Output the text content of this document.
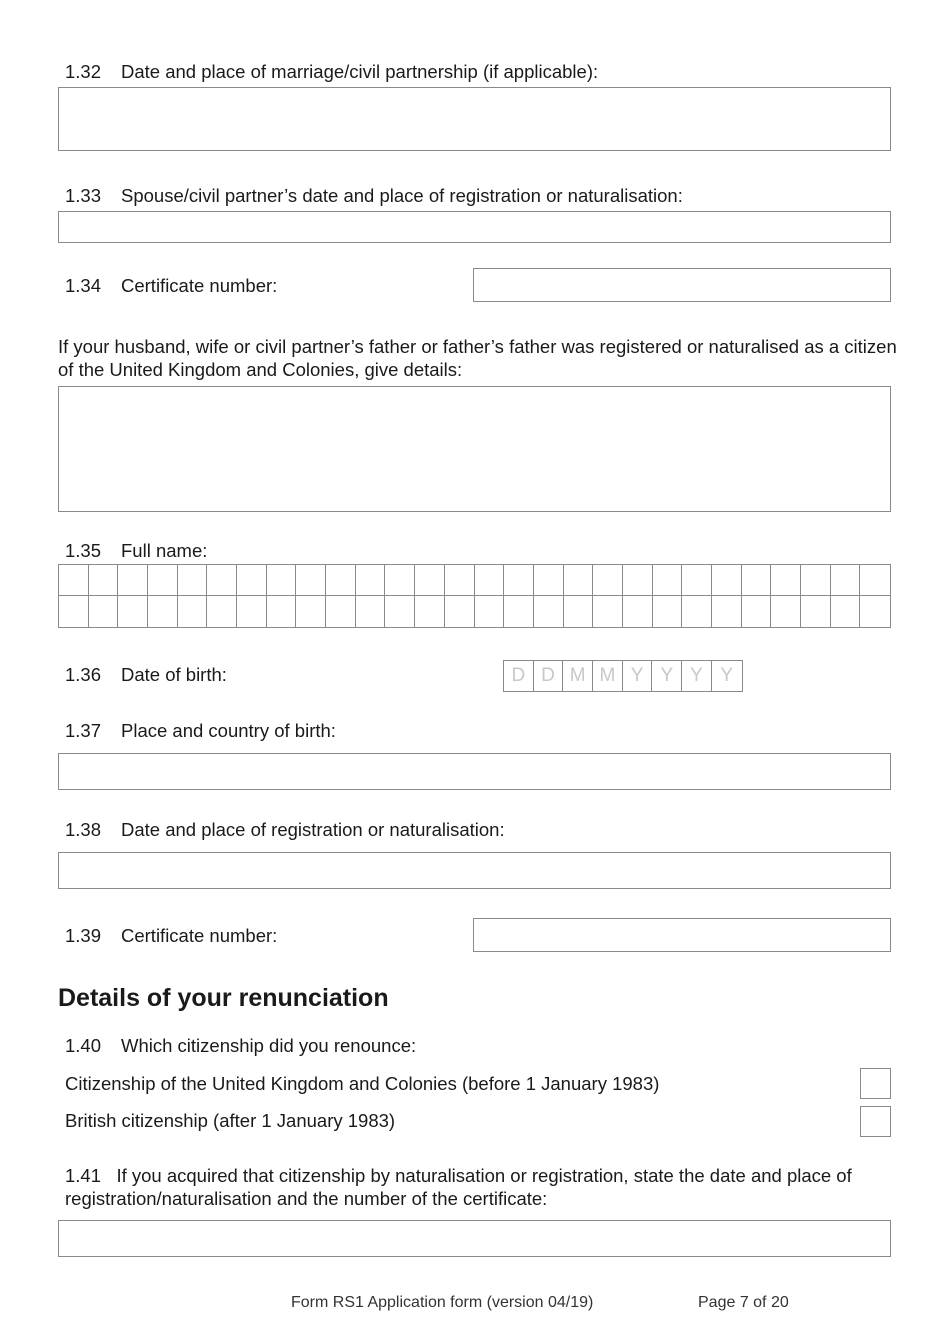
1.32 Date and place of marriage/civil partnership (if applicable):
1.33 Spouse/civil partner’s date and place of registration or naturalisation:
1.34 Certificate number:
If your husband, wife or civil partner’s father or father’s father was registered or naturalised as a citizen of the United Kingdom and Colonies, give details:
1.35 Full name:
1.36 Date of birth:	D D M M Y Y Y Y
1.37 Place and country of birth:
1.38 Date and place of registration or naturalisation:
1.39 Certificate number:
Details of your renunciation
1.40 Which citizenship did you renounce:
Citizenship of the United Kingdom and Colonies (before 1 January 1983)
British citizenship (after 1 January 1983)
1.41 If you acquired that citizenship by naturalisation or registration, state the date and place of registration/naturalisation and the number of the certificate:
Form RS1 Application form (version 04/19)	Page 7 of 20
